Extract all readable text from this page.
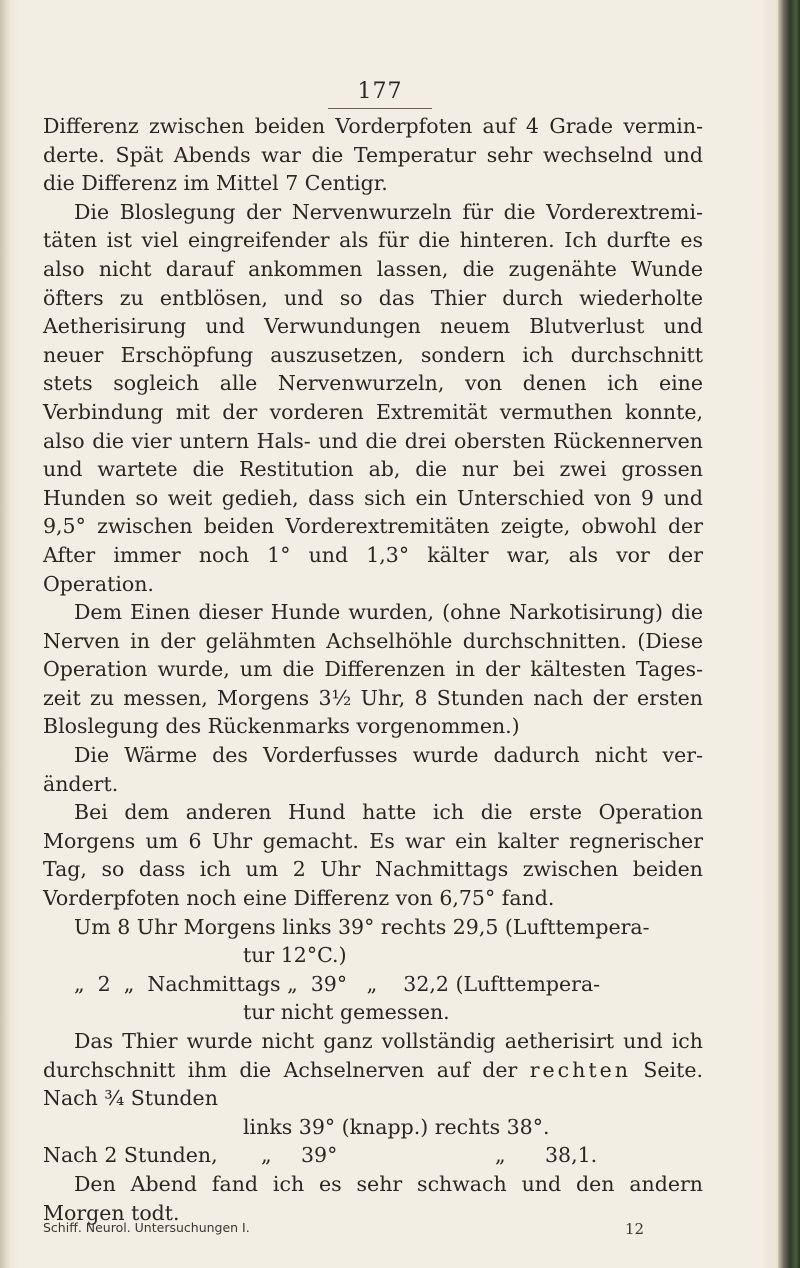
177

Differenz zwischen beiden Vorderpfoten auf 4 Grade verminderte. Spät Abends war die Temperatur sehr wechselnd und die Differenz im Mittel 7 Centigr.

Die Bloslegung der Nervenwurzeln für die Vorderextremitäten ist viel eingreifender als für die hinteren. Ich durfte es also nicht darauf ankommen lassen, die zugenähte Wunde öfters zu entblösen, und so das Thier durch wiederholte Aetherisirung und Verwundungen neuem Blutverlust und neuer Erschöpfung auszusetzen, sondern ich durchschnitt stets sogleich alle Nervenwurzeln, von denen ich eine Verbindung mit der vorderen Extremität vermuthen konnte, also die vier untern Hals- und die drei obersten Rückennerven und wartete die Restitution ab, die nur bei zwei grossen Hunden so weit gedieh, dass sich ein Unterschied von 9 und 9,5° zwischen beiden Vorderextremitäten zeigte, obwohl der After immer noch 1° und 1,3° kälter war, als vor der Operation.

Dem Einen dieser Hunde wurden, (ohne Narkotisirung) die Nerven in der gelähmten Achselhöhle durchschnitten. (Diese Operation wurde, um die Differenzen in der kältesten Tageszeit zu messen, Morgens 3½ Uhr, 8 Stunden nach der ersten Bloslegung des Rückenmarks vorgenommen.)

Die Wärme des Vorderfusses wurde dadurch nicht verändert.

Bei dem anderen Hund hatte ich die erste Operation Morgens um 6 Uhr gemacht. Es war ein kalter regnerischer Tag, so dass ich um 2 Uhr Nachmittags zwischen beiden Vorderpfoten noch eine Differenz von 6,75° fand.

Um 8 Uhr Morgens links 39° rechts 29,5 (Lufttempera-
tur 12°C.)
„  2  „  Nachmittags „  39°   „    32,2 (Lufttempera-
tur nicht gemessen.

Das Thier wurde nicht ganz vollständig aetherisirt und ich durchschnitt ihm die Achselnerven auf der rechten Seite. Nach ¾ Stunden

links 39° (knapp.) rechts 38°.
Nach 2 Stunden, „ 39°	„ 38,1.

Den Abend fand ich es sehr schwach und den andern Morgen todt.

Schiff. Neurol. Untersuchungen I.	12
